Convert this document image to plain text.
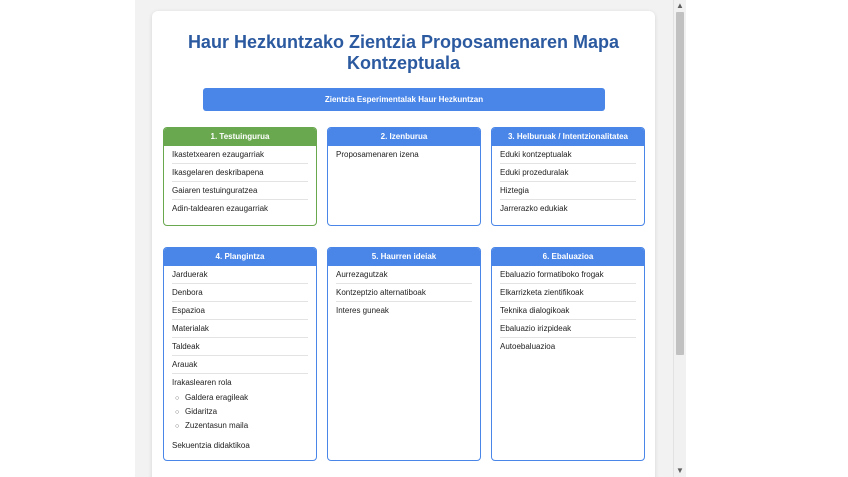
Haur Hezkuntzako Zientzia Proposamenaren Mapa Kontzeptuala
Zientzia Esperimentalak Haur Hezkuntzan
1. Testuingurua
Ikastetxearen ezaugarriak
Ikasgelaren deskribapena
Gaiaren testuinguratzea
Adin-taldearen ezaugarriak
2. Izenburua
Proposamenaren izena
3. Helburuak / Intentzionalitatea
Eduki kontzeptualak
Eduki prozeduralak
Hiztegia
Jarrerazko edukiak
4. Plangintza
Jarduerak
Denbora
Espazioa
Materialak
Taldeak
Arauak
Irakaslearen rola
○ Galdera eragileak
○ Gidaritza
○ Zuzentasun maila
Sekuentzia didaktikoa
5. Haurren ideiak
Aurrezagutzak
Kontzeptzio alternatiboak
Interes guneak
6. Ebaluazioa
Ebaluazio formatiboko frogak
Elkarrizketa zientifikoak
Teknika dialogikoak
Ebaluazio irizpideak
Autoebaluazioa
▲
▼
